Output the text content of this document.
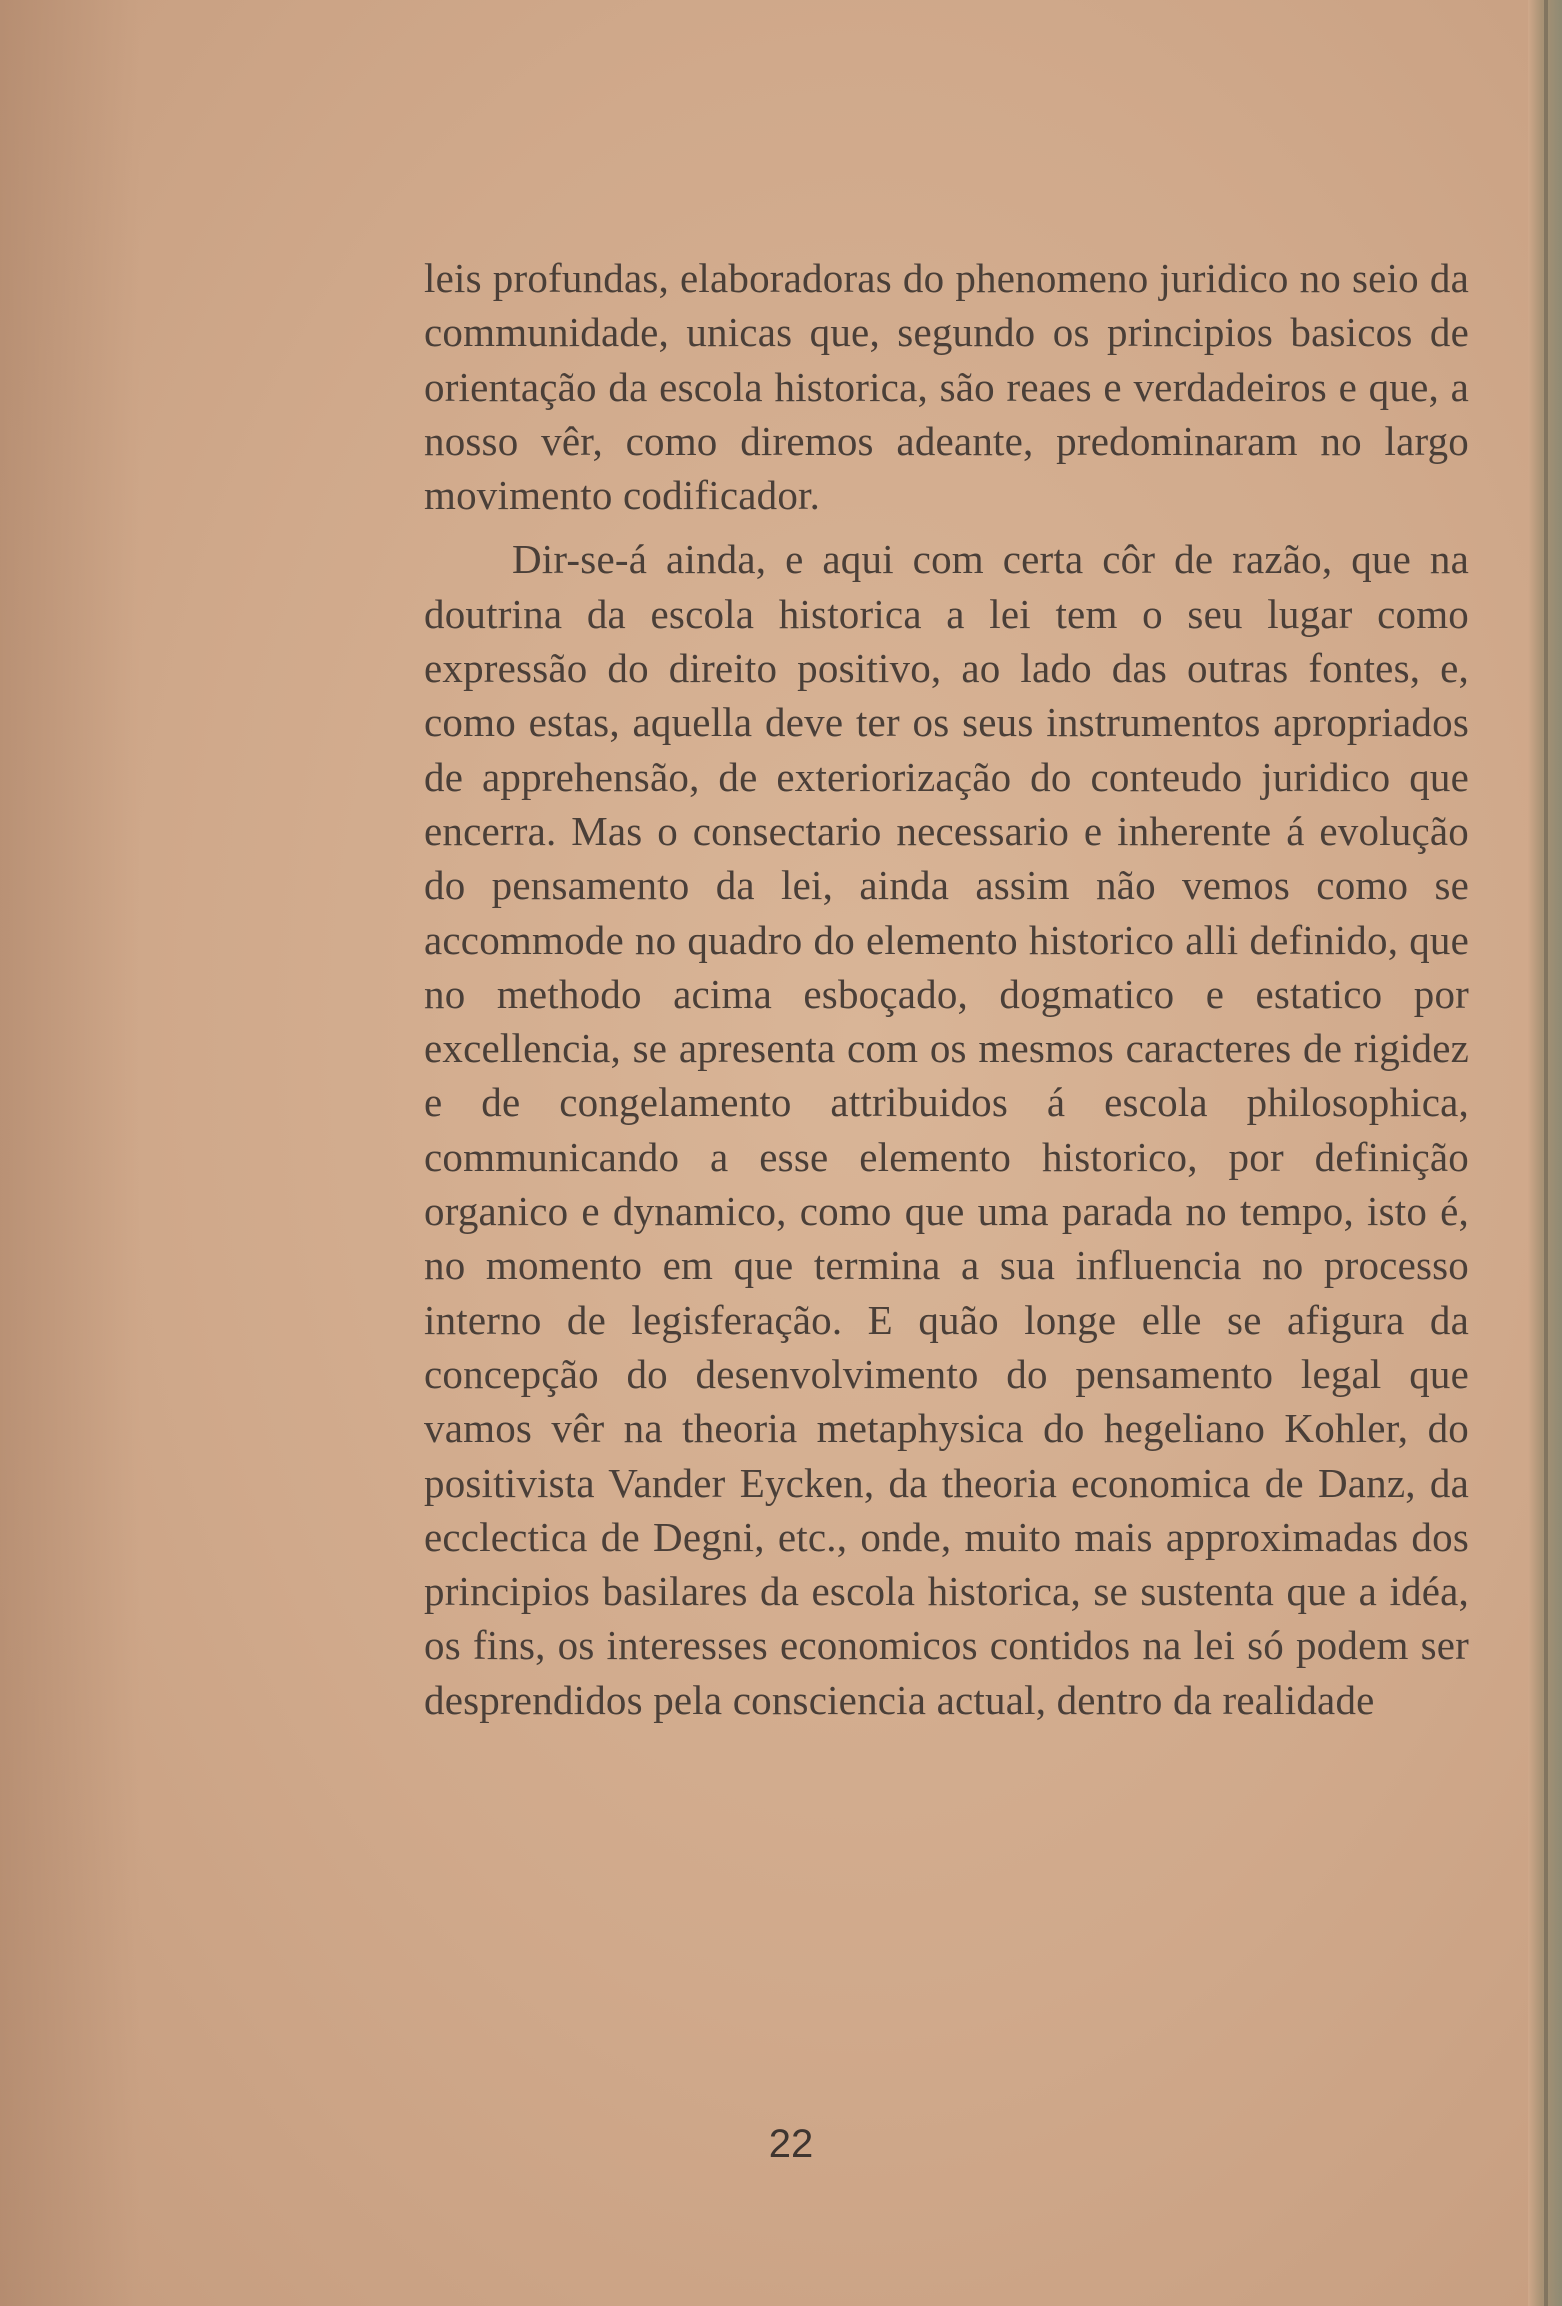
leis profundas, elaboradoras do phenomeno juridico no seio da communidade, unicas que, segundo os principios basicos de orientação da escola historica, são reaes e verdadeiros e que, a nosso vêr, como diremos adeante, predominaram no largo movimento codificador.

Dir-se-á ainda, e aqui com certa côr de razão, que na doutrina da escola historica a lei tem o seu lugar como expressão do direito positivo, ao lado das outras fontes, e, como estas, aquella deve ter os seus instrumentos apropriados de apprehensão, de exteriorização do conteudo juridico que encerra. Mas o consectario necessario e inherente á evolução do pensamento da lei, ainda assim não vemos como se accommode no quadro do elemento historico alli definido, que no methodo acima esboçado, dogmatico e estatico por excellencia, se apresenta com os mesmos caracteres de rigidez e de congelamento attribuidos á escola philosophica, communicando a esse elemento historico, por definição organico e dynamico, como que uma parada no tempo, isto é, no momento em que termina a sua influencia no processo interno de legisferação. E quão longe elle se afigura da concepção do desenvolvimento do pensamento legal que vamos vêr na theoria metaphysica do hegeliano Kohler, do positivista Vander Eycken, da theoria economica de Danz, da ecclectica de Degni, etc., onde, muito mais approximadas dos principios basilares da escola historica, se sustenta que a idéa, os fins, os interesses economicos contidos na lei só podem ser desprendidos pela consciencia actual, dentro da realidade

22
